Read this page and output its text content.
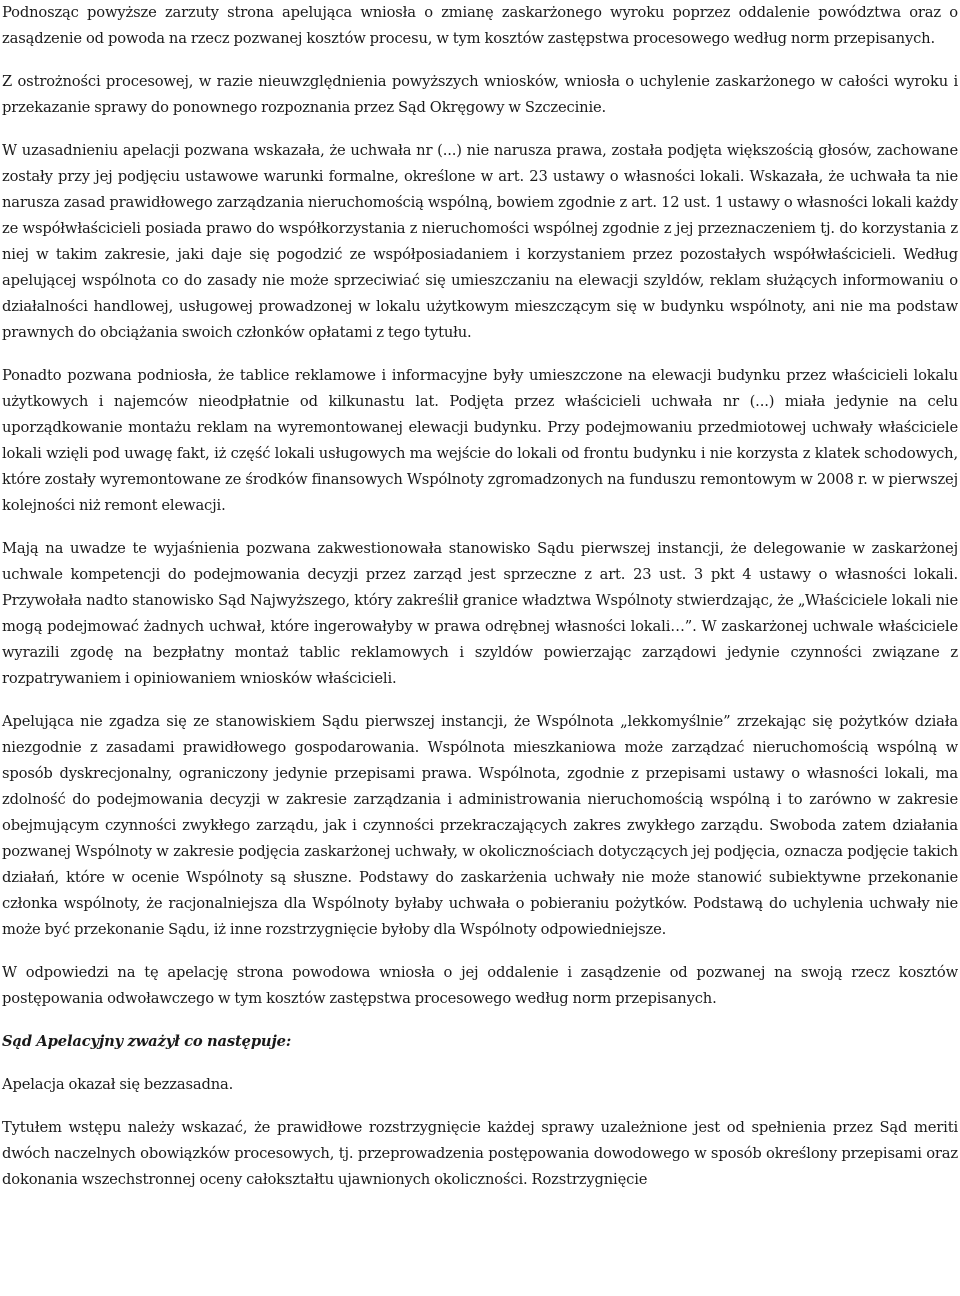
Podnosząc powyższe zarzuty strona apelująca wniosła o zmianę zaskarżonego wyroku poprzez oddalenie powództwa oraz o zasądzenie od powoda na rzecz pozwanej kosztów procesu, w tym kosztów zastępstwa procesowego według norm przepisanych.

Z ostrożności procesowej, w razie nieuwzględnienia powyższych wniosków, wniosła o uchylenie zaskarżonego w całości wyroku i przekazanie sprawy do ponownego rozpoznania przez Sąd Okręgowy w Szczecinie.

W uzasadnieniu apelacji pozwana wskazała, że uchwała nr (...) nie narusza prawa, została podjęta większością głosów, zachowane zostały przy jej podjęciu ustawowe warunki formalne, określone w art. 23 ustawy o własności lokali. Wskazała, że uchwała ta nie narusza zasad prawidłowego zarządzania nieruchomością wspólną, bowiem zgodnie z art. 12 ust. 1 ustawy o własności lokali każdy ze współwłaścicieli posiada prawo do współkorzystania z nieruchomości wspólnej zgodnie z jej przeznaczeniem tj. do korzystania z niej w takim zakresie, jaki daje się pogodzić ze współposiadaniem i korzystaniem przez pozostałych współwłaścicieli. Według apelującej wspólnota co do zasady nie może sprzeciwiać się umieszczaniu na elewacji szyldów, reklam służących informowaniu o działalności handlowej, usługowej prowadzonej w lokalu użytkowym mieszczącym się w budynku wspólnoty, ani nie ma podstaw prawnych do obciążania swoich członków opłatami z tego tytułu.

Ponadto pozwana podniosła, że tablice reklamowe i informacyjne były umieszczone na elewacji budynku przez właścicieli lokalu użytkowych i najemców nieodpłatnie od kilkunastu lat. Podjęta przez właścicieli uchwała nr (...) miała jedynie na celu uporządkowanie montażu reklam na wyremontowanej elewacji budynku. Przy podejmowaniu przedmiotowej uchwały właściciele lokali wzięli pod uwagę fakt, iż część lokali usługowych ma wejście do lokali od frontu budynku i nie korzysta z klatek schodowych, które zostały wyremontowane ze środków finansowych Wspólnoty zgromadzonych na funduszu remontowym w 2008 r. w pierwszej kolejności niż remont elewacji.

Mają na uwadze te wyjaśnienia pozwana zakwestionowała stanowisko Sądu pierwszej instancji, że delegowanie w zaskarżonej uchwale kompetencji do podejmowania decyzji przez zarząd jest sprzeczne z art. 23 ust. 3 pkt 4 ustawy o własności lokali. Przywołała nadto stanowisko Sąd Najwyższego, który zakreślił granice władztwa Wspólnoty stwierdzając, że „Właściciele lokali nie mogą podejmować żadnych uchwał, które ingerowałyby w prawa odrębnej własności lokali…”. W zaskarżonej uchwale właściciele wyrazili zgodę na bezpłatny montaż tablic reklamowych i szyldów powierzając zarządowi jedynie czynności związane z rozpatrywaniem i opiniowaniem wniosków właścicieli.

Apelująca nie zgadza się ze stanowiskiem Sądu pierwszej instancji, że Wspólnota „lekkomyślnie” zrzekając się pożytków działa niezgodnie z zasadami prawidłowego gospodarowania. Wspólnota mieszkaniowa może zarządzać nieruchomością wspólną w sposób dyskrecjonalny, ograniczony jedynie przepisami prawa. Wspólnota, zgodnie z przepisami ustawy o własności lokali, ma zdolność do podejmowania decyzji w zakresie zarządzania i administrowania nieruchomością wspólną i to zarówno w zakresie obejmującym czynności zwykłego zarządu, jak i czynności przekraczających zakres zwykłego zarządu. Swoboda zatem działania pozwanej Wspólnoty w zakresie podjęcia zaskarżonej uchwały, w okolicznościach dotyczących jej podjęcia, oznacza podjęcie takich działań, które w ocenie Wspólnoty są słuszne. Podstawy do zaskarżenia uchwały nie może stanowić subiektywne przekonanie członka wspólnoty, że racjonalniejsza dla Wspólnoty byłaby uchwała o pobieraniu pożytków. Podstawą do uchylenia uchwały nie może być przekonanie Sądu, iż inne rozstrzygnięcie byłoby dla Wspólnoty odpowiedniejsze.

W odpowiedzi na tę apelację strona powodowa wniosła o jej oddalenie i zasądzenie od pozwanej na swoją rzecz kosztów postępowania odwoławczego w tym kosztów zastępstwa procesowego według norm przepisanych.

Sąd Apelacyjny zważył co następuje:

Apelacja okazał się bezzasadna.

Tytułem wstępu należy wskazać, że prawidłowe rozstrzygnięcie każdej sprawy uzależnione jest od spełnienia przez Sąd meriti dwóch naczelnych obowiązków procesowych, tj. przeprowadzenia postępowania dowodowego w sposób określony przepisami oraz dokonania wszechstronnej oceny całokształtu ujawnionych okoliczności. Rozstrzygnięcie
